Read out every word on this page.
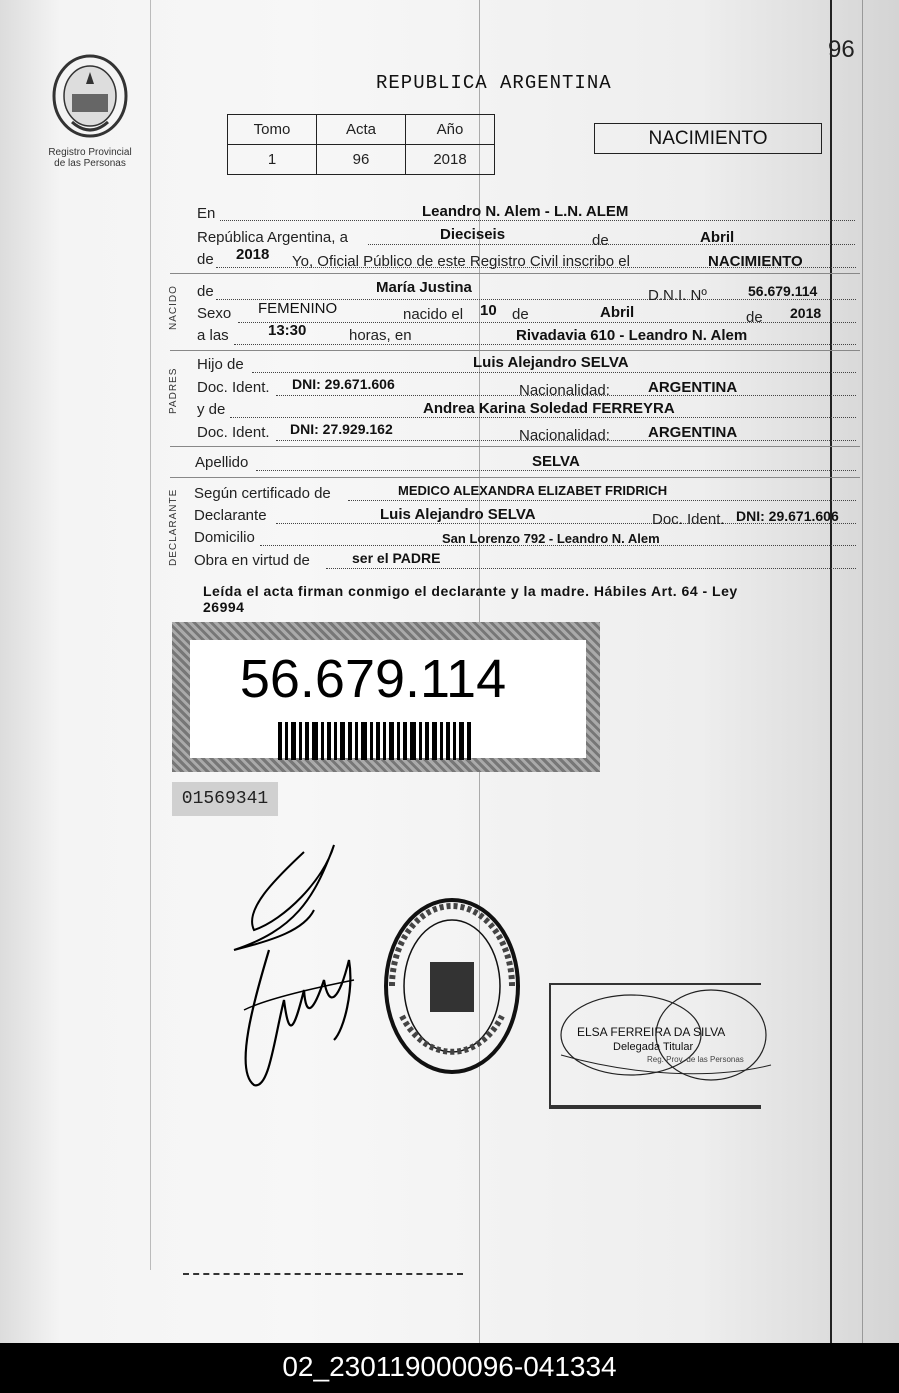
96
Registro Provincial
de las Personas
REPUBLICA ARGENTINA
Tomo	Acta	Año
1	96	2018
NACIMIENTO
En	Leandro N. Alem - L.N. ALEM
República Argentina, a	Dieciseis	de	Abril
de 2018 Yo, Oficial Público de este Registro Civil inscribo el	NACIMIENTO
NACIDO de	María Justina	D.N.I. Nº	56.679.114
Sexo FEMENINO	nacido el 10 de	Abril	de 2018
a las	13:30	horas, en	Rivadavia 610 - Leandro N. Alem
PADRES
Hijo de	Luis Alejandro SELVA
Doc. Ident. DNI: 29.671.606	Nacionalidad:	ARGENTINA
y de	Andrea Karina Soledad FERREYRA
Doc. Ident. DNI: 27.929.162	Nacionalidad:	ARGENTINA
Apellido	SELVA
DECLARANTE Según certificado de	MEDICO ALEXANDRA ELIZABET FRIDRICH
Declarante	Luis Alejandro SELVA	Doc. Ident. DNI: 29.671.606
Domicilio	San Lorenzo 792 - Leandro N. Alem
Obra en virtud de	ser el PADRE
Leída el acta firman conmigo el declarante y la madre. Hábiles Art. 64 - Ley
26994
56.679.114
01569341
ELSA FERREIRA DA SILVA
Delegada Titular
Reg. Prov. de las Personas
02_230119000096-041334
